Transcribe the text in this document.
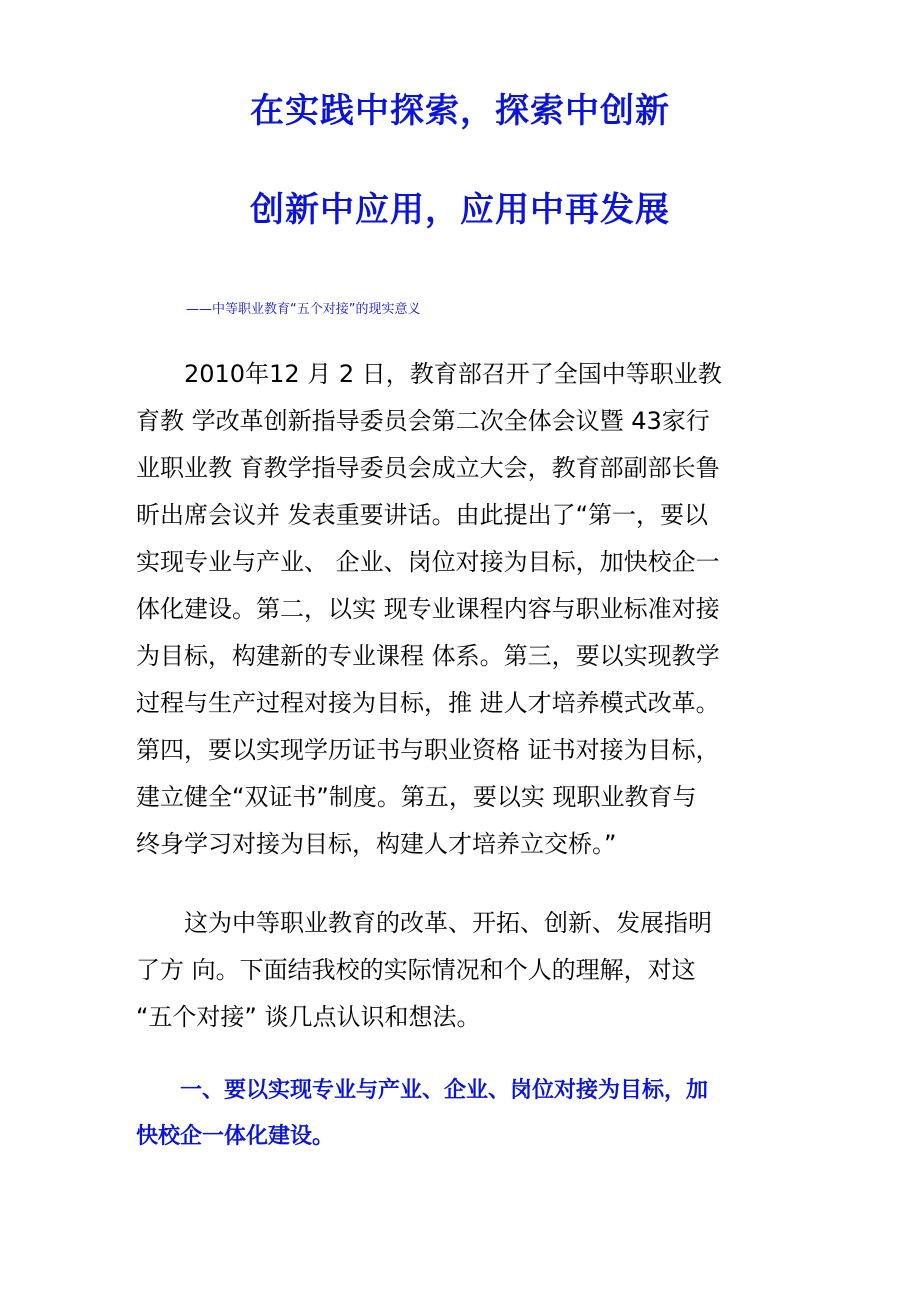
在实践中探索，探索中创新
创新中应用，应用中再发展
——中等职业教育“五个对接”的现实意义
　　2010年12 月 2 日，教育部召开了全国中等职业教
育教 学改革创新指导委员会第二次全体会议暨 43家行
业职业教 育教学指导委员会成立大会，教育部副部长鲁
昕出席会议并 发表重要讲话。由此提出了“第一，要以
实现专业与产业、 企业、岗位对接为目标，加快校企一
体化建设。第二，以实 现专业课程内容与职业标准对接
为目标，构建新的专业课程 体系。第三，要以实现教学
过程与生产过程对接为目标，推 进人才培养模式改革。
第四，要以实现学历证书与职业资格 证书对接为目标，
建立健全“双证书”制度。第五，要以实 现职业教育与
终身学习对接为目标，构建人才培养立交桥。”
　　这为中等职业教育的改革、开拓、创新、发展指明
了方 向。下面结我校的实际情况和个人的理解，对这
“五个对接” 谈几点认识和想法。
　　一、要以实现专业与产业、企业、岗位对接为目标，加
快校企一体化建设。
